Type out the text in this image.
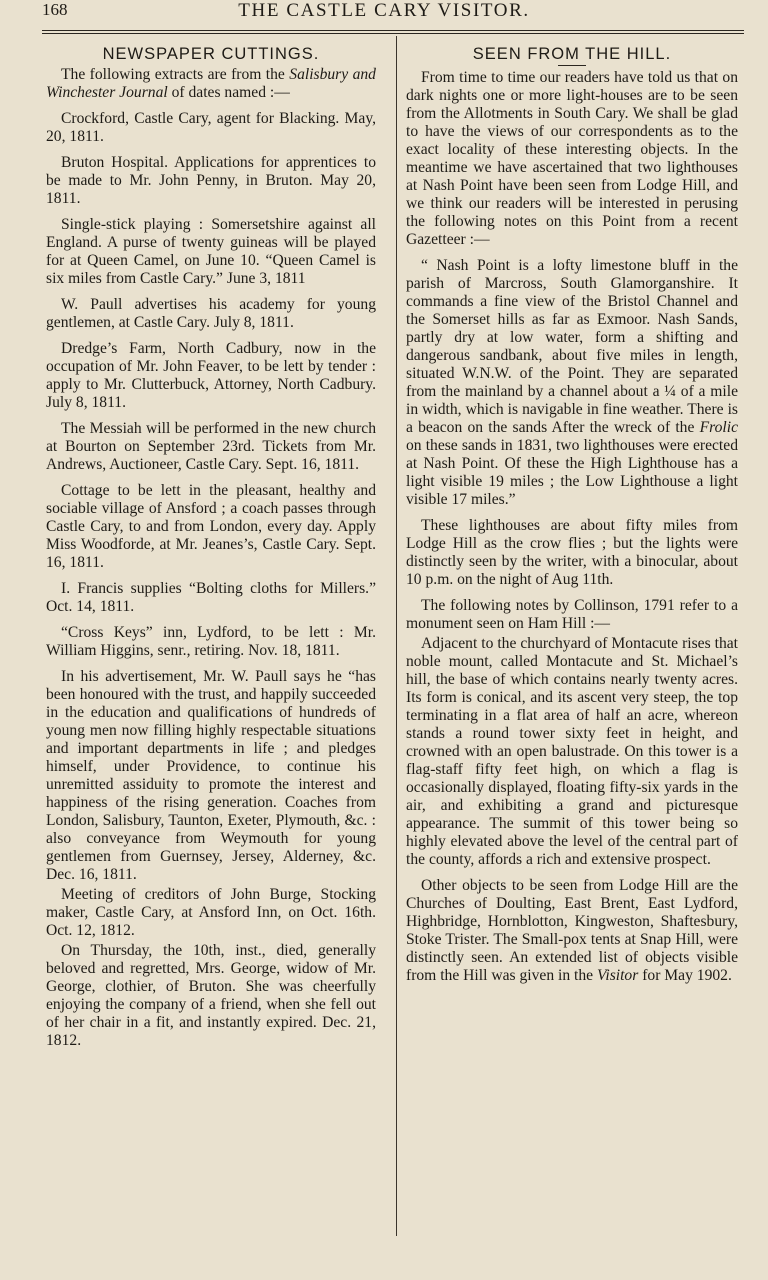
168	THE CASTLE CARY VISITOR.
NEWSPAPER CUTTINGS.

The following extracts are from the Salisbury and Winchester Journal of dates named :—

Crockford, Castle Cary, agent for Blacking. May, 20, 1811.

Bruton Hospital. Applications for apprentices to be made to Mr. John Penny, in Bruton. May 20, 1811.

Single-stick playing : Somersetshire against all England. A purse of twenty guineas will be played for at Queen Camel, on June 10. “Queen Camel is six miles from Castle Cary.” June 3, 1811

W. Paull advertises his academy for young gentlemen, at Castle Cary. July 8, 1811.

Dredge’s Farm, North Cadbury, now in the occupation of Mr. John Feaver, to be lett by tender : apply to Mr. Clutterbuck, Attorney, North Cadbury. July 8, 1811.

The Messiah will be performed in the new church at Bourton on September 23rd. Tickets from Mr. Andrews, Auctioneer, Castle Cary. Sept. 16, 1811.

Cottage to be lett in the pleasant, healthy and sociable village of Ansford ; a coach passes through Castle Cary, to and from London, every day. Apply Miss Woodforde, at Mr. Jeanes’s, Castle Cary. Sept. 16, 1811.

I. Francis supplies “Bolting cloths for Millers.” Oct. 14, 1811.

“Cross Keys” inn, Lydford, to be lett : Mr. William Higgins, senr., retiring. Nov. 18, 1811.

In his advertisement, Mr. W. Paull says he “has been honoured with the trust, and happily succeeded in the education and qualifications of hundreds of young men now filling highly respectable situations and important departments in life ; and pledges himself, under Providence, to continue his unremitted assiduity to promote the interest and happiness of the rising generation. Coaches from London, Salisbury, Taunton, Exeter, Plymouth, &c. : also conveyance from Weymouth for young gentlemen from Guernsey, Jersey, Alderney, &c. Dec. 16, 1811.

Meeting of creditors of John Burge, Stocking maker, Castle Cary, at Ansford Inn, on Oct. 16th. Oct. 12, 1812.

On Thursday, the 10th, inst., died, generally beloved and regretted, Mrs. George, widow of Mr. George, clothier, of Bruton. She was cheerfully enjoying the company of a friend, when she fell out of her chair in a fit, and instantly expired. Dec. 21, 1812.

SEEN FROM THE HILL.

From time to time our readers have told us that on dark nights one or more light-houses are to be seen from the Allotments in South Cary. We shall be glad to have the views of our correspondents as to the exact locality of these interesting objects. In the meantime we have ascertained that two lighthouses at Nash Point have been seen from Lodge Hill, and we think our readers will be interested in perusing the following notes on this Point from a recent Gazetteer :—

“ Nash Point is a lofty limestone bluff in the parish of Marcross, South Glamorganshire. It commands a fine view of the Bristol Channel and the Somerset hills as far as Exmoor. Nash Sands, partly dry at low water, form a shifting and dangerous sandbank, about five miles in length, situated W.N.W. of the Point. They are separated from the mainland by a channel about a ¼ of a mile in width, which is navigable in fine weather. There is a beacon on the sands After the wreck of the Frolic on these sands in 1831, two lighthouses were erected at Nash Point. Of these the High Lighthouse has a light visible 19 miles ; the Low Lighthouse a light visible 17 miles.”

These lighthouses are about fifty miles from Lodge Hill as the crow flies ; but the lights were distinctly seen by the writer, with a binocular, about 10 p.m. on the night of Aug 11th.

The following notes by Collinson, 1791 refer to a monument seen on Ham Hill :—

Adjacent to the churchyard of Montacute rises that noble mount, called Montacute and St. Michael’s hill, the base of which contains nearly twenty acres. Its form is conical, and its ascent very steep, the top terminating in a flat area of half an acre, whereon stands a round tower sixty feet in height, and crowned with an open balustrade. On this tower is a flag-staff fifty feet high, on which a flag is occasionally displayed, floating fifty-six yards in the air, and exhibiting a grand and picturesque appearance. The summit of this tower being so highly elevated above the level of the central part of the county, affords a rich and extensive prospect.

Other objects to be seen from Lodge Hill are the Churches of Doulting, East Brent, East Lydford, Highbridge, Hornblotton, Kingweston, Shaftesbury, Stoke Trister. The Small-pox tents at Snap Hill, were distinctly seen. An extended list of objects visible from the Hill was given in the Visitor for May 1902.
